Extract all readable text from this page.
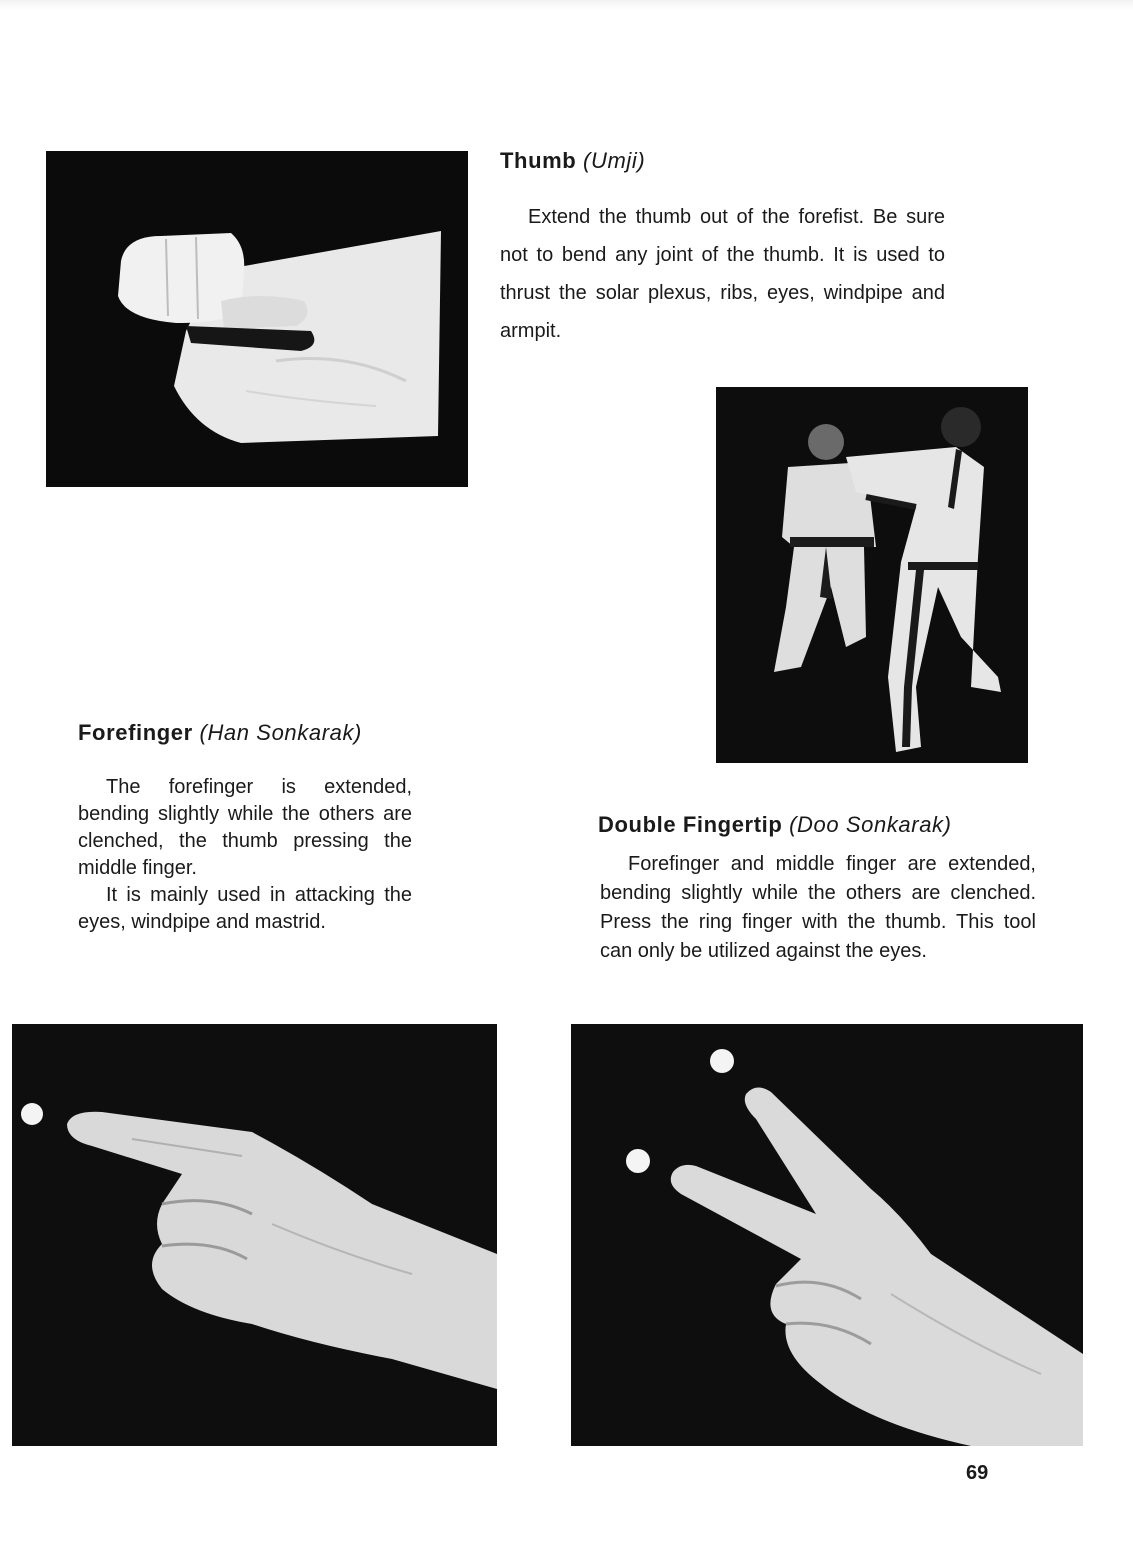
Thumb (Umji)

Extend the thumb out of the forefist. Be sure not to bend any joint of the thumb. It is used to thrust the solar plexus, ribs, eyes, windpipe and armpit.

Forefinger (Han Sonkarak)

The forefinger is extended, bending slightly while the others are clenched, the thumb pressing the middle finger.

It is mainly used in attacking the eyes, windpipe and mastrid.

Double Fingertip (Doo Sonkarak)

Forefinger and middle finger are extended, bending slightly while the others are clenched. Press the ring finger with the thumb. This tool can only be utilized against the eyes.

69
